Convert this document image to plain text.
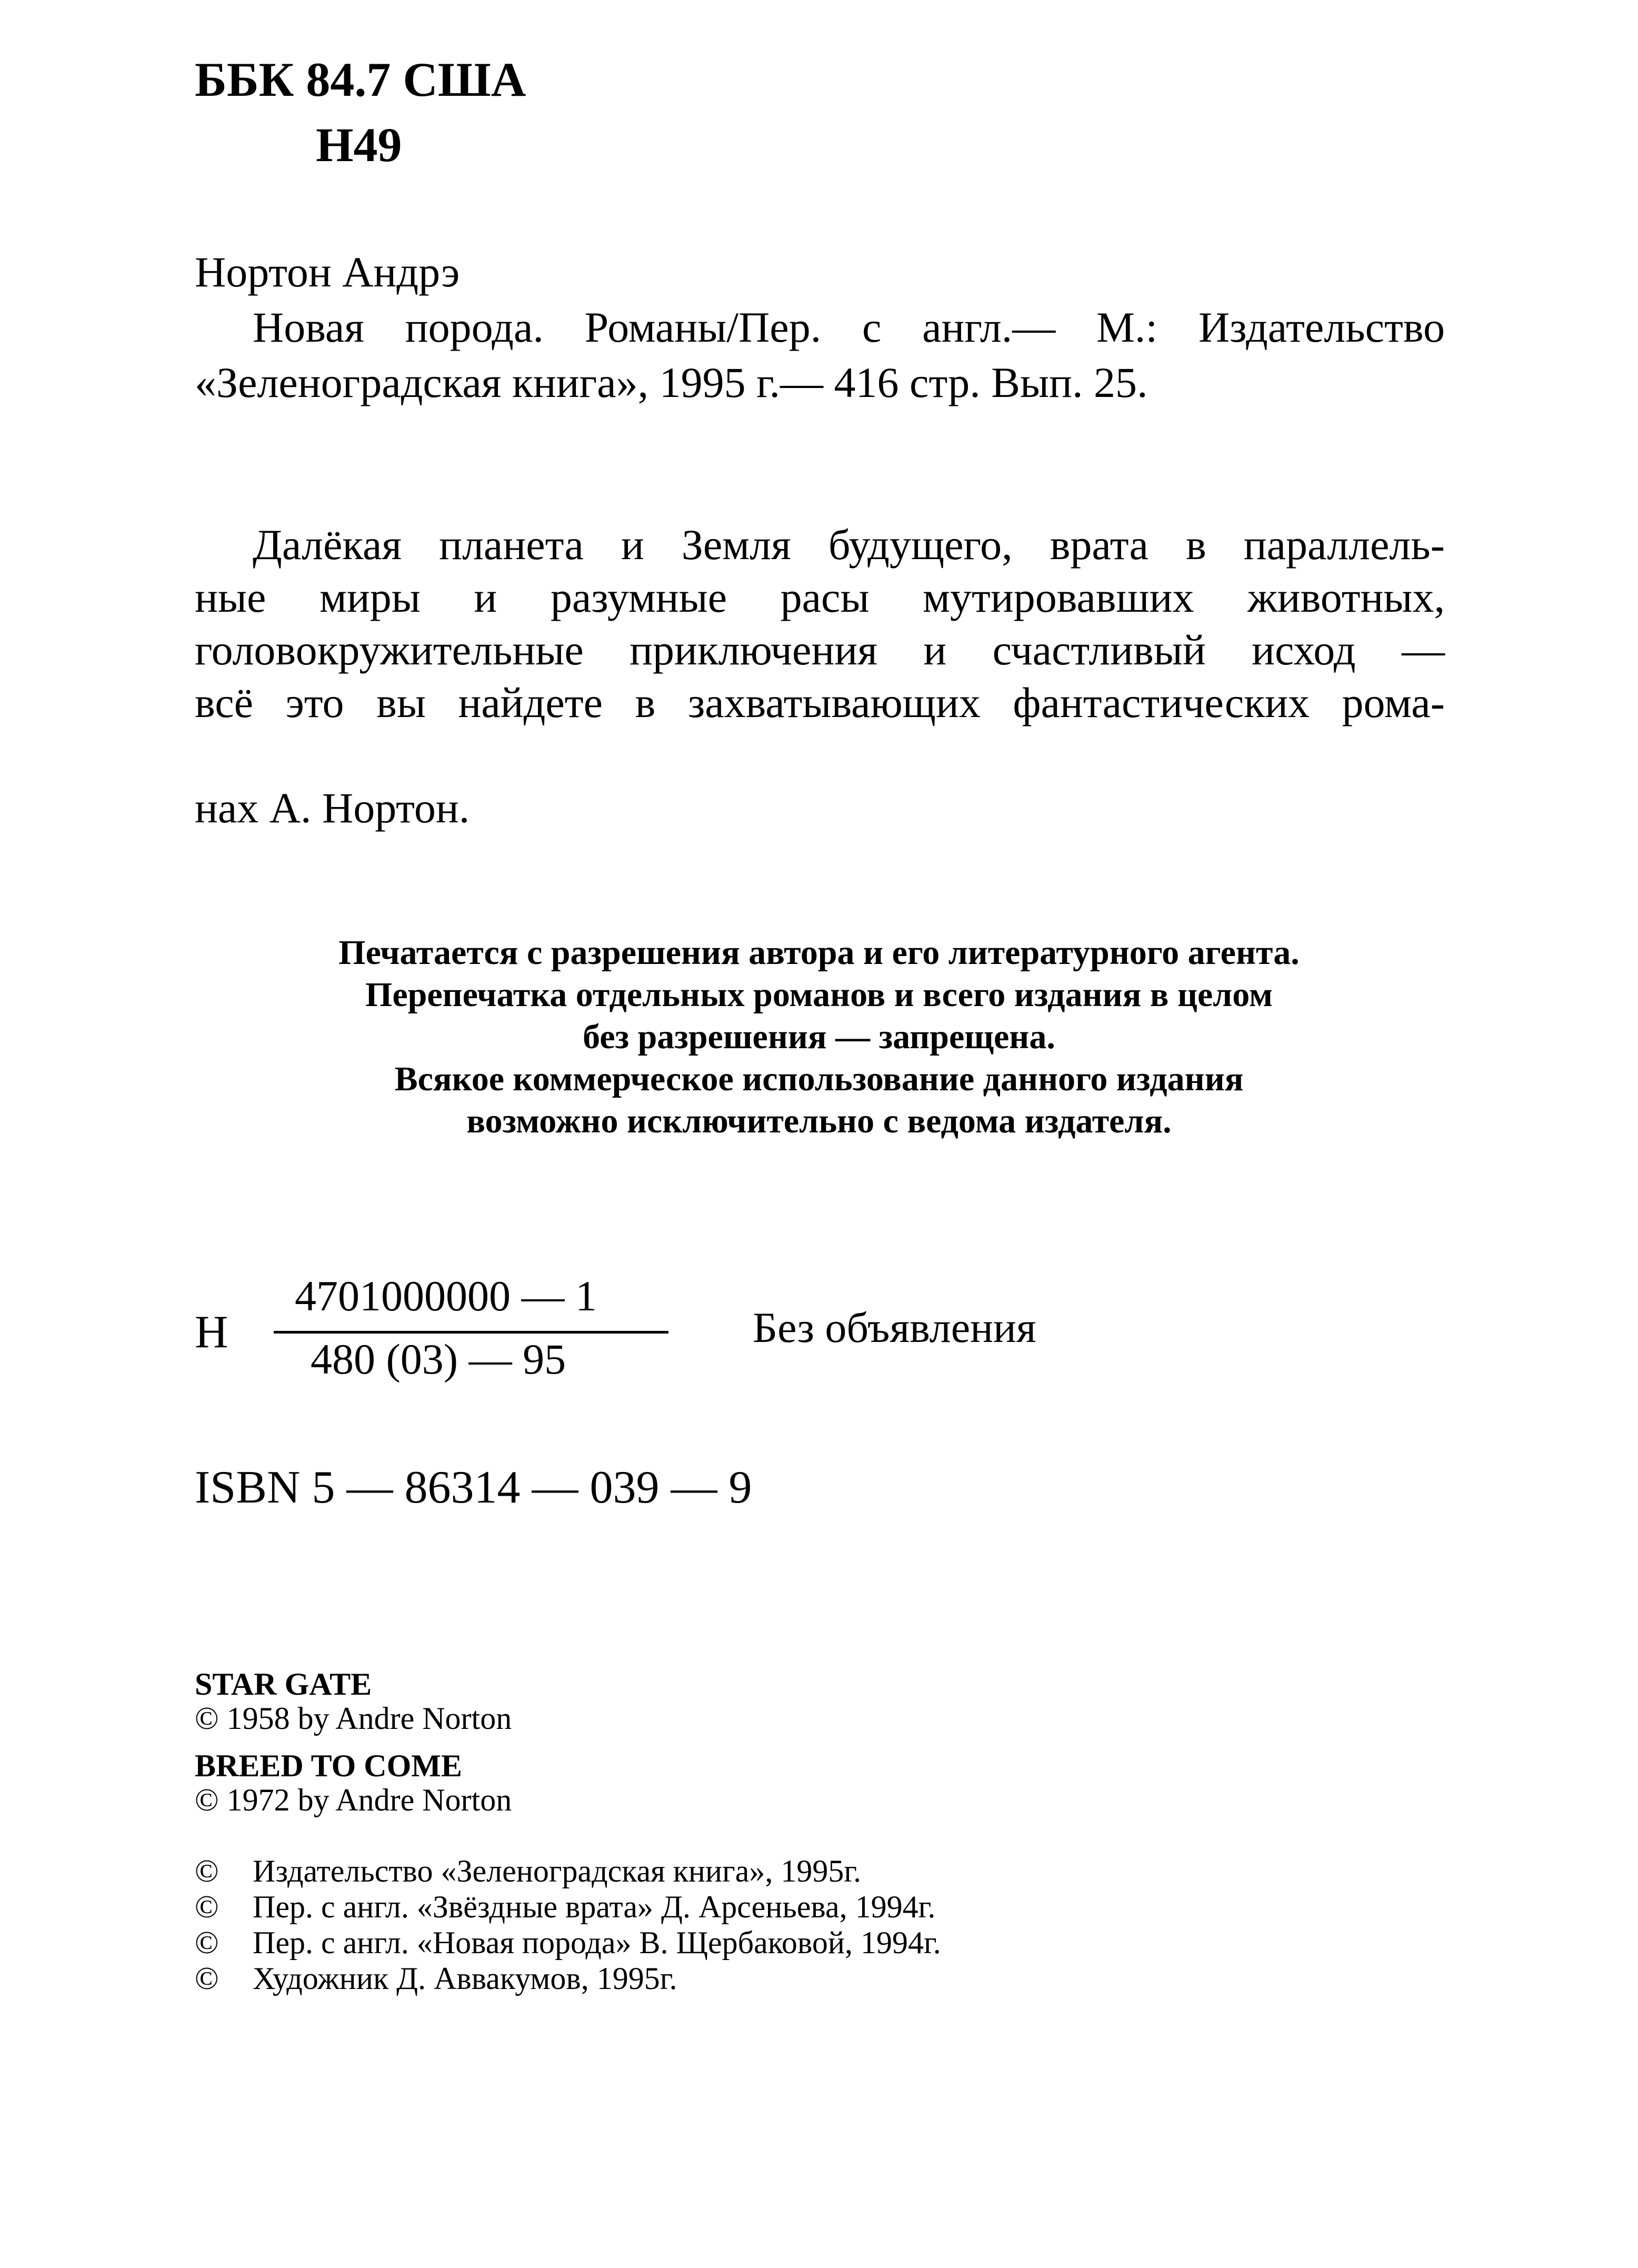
ББК 84.7 США
Н49
Нортон Андрэ
Новая порода. Романы/Пер. с англ.— М.: Издательство
«Зеленоградская книга», 1995 г.— 416 стр. Вып. 25.
Далёкая планета и Земля будущего, врата в параллель-
ные миры и разумные расы мутировавших животных,
головокружительные приключения и счастливый исход —
всё это вы найдете в захватывающих фантастических рома-
нах А. Нортон.
Печатается с разрешения автора и его литературного агента.
Перепечатка отдельных романов и всего издания в целом
без разрешения — запрещена.
Всякое коммерческое использование данного издания
возможно исключительно с ведома издателя.
Н
4701000000 — 1
480 (03) — 95
Без объявления
ISBN 5 — 86314 — 039 — 9
STAR GATE
© 1958 by Andre Norton
BREED TO COME
© 1972 by Andre Norton
© Издательство «Зеленоградская книга», 1995г.
© Пер. с англ. «Звёздные врата» Д. Арсеньева, 1994г.
© Пер. с англ. «Новая порода» В. Щербаковой, 1994г.
© Художник Д. Аввакумов, 1995г.
